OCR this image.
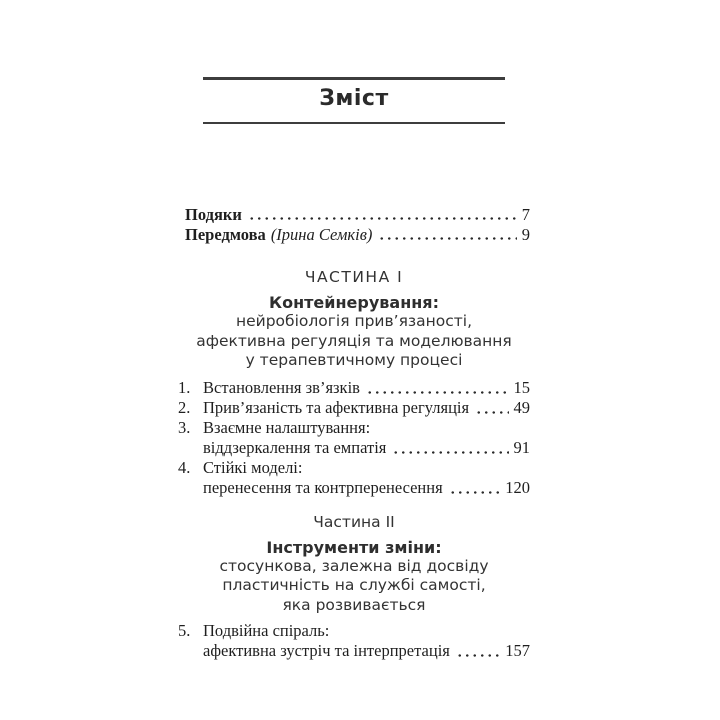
Зміст
Подяки	7
Передмова (Ірина Семків)	9
ЧАСТИНА I
Контейнерування:
нейробіологія прив’язаності,
афективна регуляція та моделювання
у терапевтичному процесі
1. Встановлення зв’язків	15
2. Прив’язаність та афективна регуляція	49
3. Взаємне налаштування:
віддзеркалення та емпатія	91
4. Стійкі моделі:
перенесення та контрперенесення	120
Частина II
Інструменти зміни:
стосункова, залежна від досвіду
пластичність на службі самості,
яка розвивається
5. Подвійна спіраль:
афективна зустріч та інтерпретація	157
